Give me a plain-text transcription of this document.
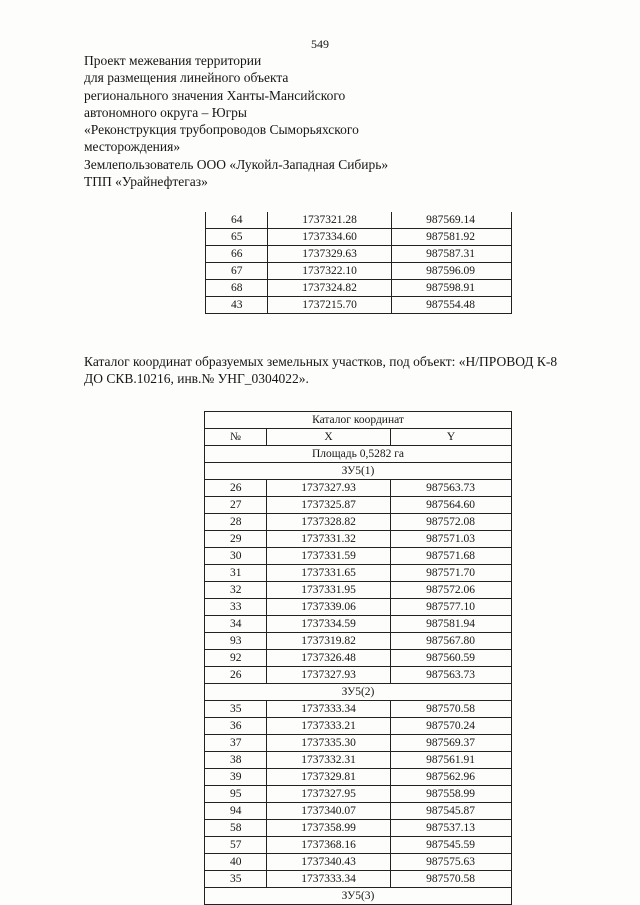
549
Проект межевания территории
для размещения линейного объекта
регионального значения Ханты-Мансийского
автономного округа – Югры
«Реконструкция трубопроводов Сыморьяхского
месторождения»
Землепользователь ООО «Лукойл-Западная Сибирь»
ТПП «Урайнефтегаз»
64	1737321.28	987569.14
65	1737334.60	987581.92
66	1737329.63	987587.31
67	1737322.10	987596.09
68	1737324.82	987598.91
43	1737215.70	987554.48
Каталог координат образуемых земельных участков, под объект: «Н/ПРОВОД К-8 ДО СКВ.10216, инв.№ УНГ_0304022».
Каталог координат		
№	X	Y
Площадь 0,5282 га		
ЗУ5(1)		
26	1737327.93	987563.73
27	1737325.87	987564.60
28	1737328.82	987572.08
29	1737331.32	987571.03
30	1737331.59	987571.68
31	1737331.65	987571.70
32	1737331.95	987572.06
33	1737339.06	987577.10
34	1737334.59	987581.94
93	1737319.82	987567.80
92	1737326.48	987560.59
26	1737327.93	987563.73
ЗУ5(2)		
35	1737333.34	987570.58
36	1737333.21	987570.24
37	1737335.30	987569.37
38	1737332.31	987561.91
39	1737329.81	987562.96
95	1737327.95	987558.99
94	1737340.07	987545.87
58	1737358.99	987537.13
57	1737368.16	987545.59
40	1737340.43	987575.63
35	1737333.34	987570.58
ЗУ5(3)		
